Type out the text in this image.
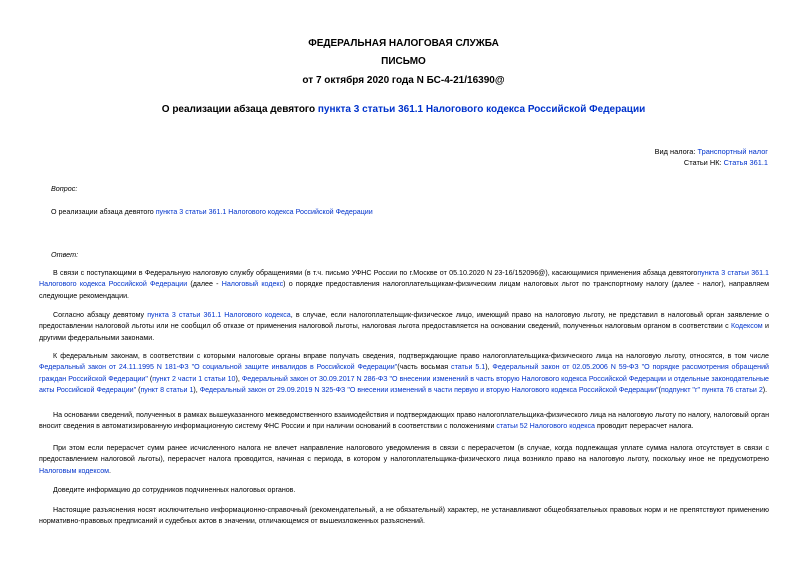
ФЕДЕРАЛЬНАЯ НАЛОГОВАЯ СЛУЖБА
ПИСЬМО
от 7 октября 2020 года N БС-4-21/16390@
О реализации абзаца девятого пункта 3 статьи 361.1 Налогового кодекса Российской Федерации
Вид налога: Транспортный налог
Статьи НК: Статья 361.1
Вопрос:
О реализации абзаца девятого пункта 3 статьи 361.1 Налогового кодекса Российской Федерации
Ответ:
В связи с поступающими в Федеральную налоговую службу обращениями (в т.ч. письмо УФНС России по г.Москве от 05.10.2020 N 23-16/152096@), касающимися применения абзаца девятогопункта 3 статьи 361.1 Налогового кодекса Российской Федерации (далее - Налоговый кодекс) о порядке предоставления налогоплательщикам-физическим лицам налоговых льгот по транспортному налогу (далее - налог), направляем следующие рекомендации.
Согласно абзацу девятому пункта 3 статьи 361.1 Налогового кодекса, в случае, если налогоплательщик-физическое лицо, имеющий право на налоговую льготу, не представил в налоговый орган заявление о предоставлении налоговой льготы или не сообщил об отказе от применения налоговой льготы, налоговая льгота предоставляется на основании сведений, полученных налоговым органом в соответствии с Кодексом и другими федеральными законами.
К федеральным законам, в соответствии с которыми налоговые органы вправе получать сведения, подтверждающие право налогоплательщика-физического лица на налоговую льготу, относятся, в том числе Федеральный закон от 24.11.1995 N 181-ФЗ "О социальной защите инвалидов в Российской Федерации"(часть восьмая статьи 5.1), Федеральный закон от 02.05.2006 N 59-ФЗ "О порядке рассмотрения обращений граждан Российской Федерации" (пункт 2 части 1 статьи 10), Федеральный закон от 30.09.2017 N 286-ФЗ "О внесении изменений в часть вторую Налогового кодекса Российской Федерации и отдельные законодательные акты Российской Федерации" (пункт 8 статьи 1), Федеральный закон от 29.09.2019 N 325-ФЗ "О внесении изменений в части первую и вторую Налогового кодекса Российской Федерации"(подпункт "г" пункта 76 статьи 2).
На основании сведений, полученных в рамках вышеуказанного межведомственного взаимодействия и подтверждающих право налогоплательщика-физического лица на налоговую льготу по налогу, налоговый орган вносит сведения в автоматизированную информационную систему ФНС России и при наличии оснований в соответствии с положениями статьи 52 Налогового кодекса проводит перерасчет налога.
При этом если перерасчет сумм ранее исчисленного налога не влечет направление налогового уведомления в связи с перерасчетом (в случае, когда подлежащая уплате сумма налога отсутствует в связи с предоставлением налоговой льготы), перерасчет налога проводится, начиная с периода, в котором у налогоплательщика-физического лица возникло право на налоговую льготу, поскольку иное не предусмотрено Налоговым кодексом.
Доведите информацию до сотрудников подчиненных налоговых органов.
Настоящие разъяснения носят исключительно информационно-справочный (рекомендательный, а не обязательный) характер, не устанавливают общеобязательных правовых норм и не препятствуют применению нормативно-правовых предписаний и судебных актов в значении, отличающемся от вышеизложенных разъяснений.
